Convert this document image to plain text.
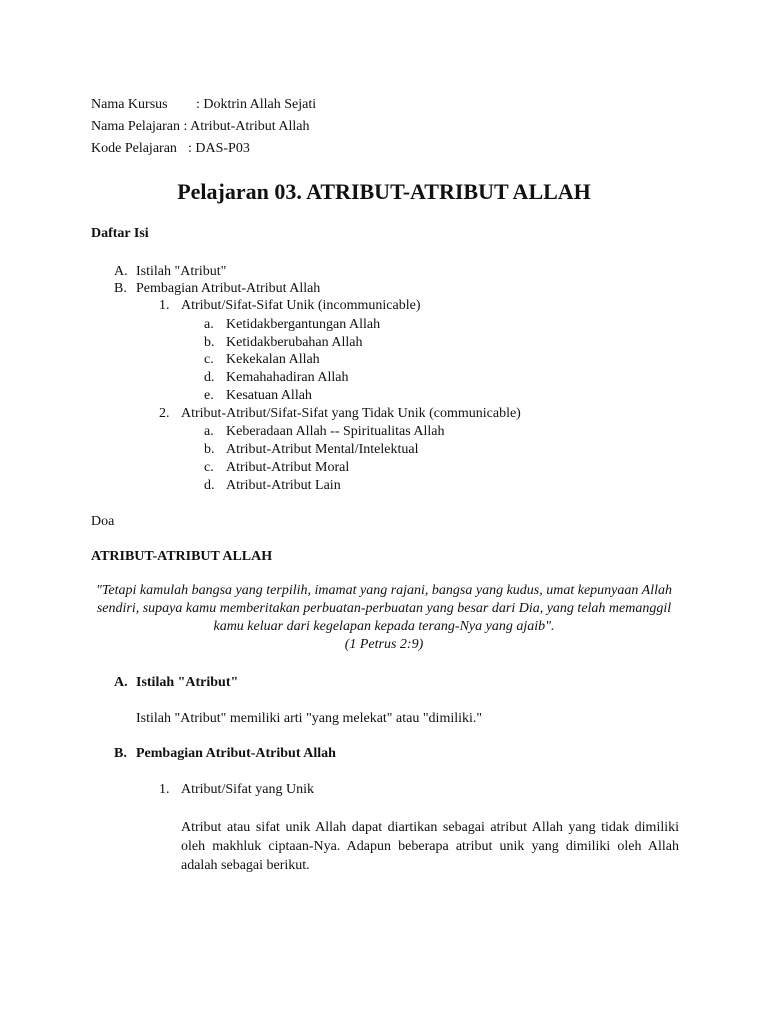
Nama Kursus : Doktrin Allah Sejati
Nama Pelajaran : Atribut-Atribut Allah
Kode Pelajaran : DAS-P03
Pelajaran 03. ATRIBUT-ATRIBUT ALLAH
Daftar Isi
A. Istilah "Atribut"
B. Pembagian Atribut-Atribut Allah
1. Atribut/Sifat-Sifat Unik (incommunicable)
a. Ketidakbergantungan Allah
b. Ketidakberubahan Allah
c. Kekekalan Allah
d. Kemahahadiran Allah
e. Kesatuan Allah
2. Atribut-Atribut/Sifat-Sifat yang Tidak Unik (communicable)
a. Keberadaan Allah -- Spiritualitas Allah
b. Atribut-Atribut Mental/Intelektual
c. Atribut-Atribut Moral
d. Atribut-Atribut Lain
Doa
ATRIBUT-ATRIBUT ALLAH
"Tetapi kamulah bangsa yang terpilih, imamat yang rajani, bangsa yang kudus, umat kepunyaan Allah sendiri, supaya kamu memberitakan perbuatan-perbuatan yang besar dari Dia, yang telah memanggil kamu keluar dari kegelapan kepada terang-Nya yang ajaib".
(1 Petrus 2:9)
A. Istilah "Atribut"
Istilah "Atribut" memiliki arti "yang melekat" atau "dimiliki."
B. Pembagian Atribut-Atribut Allah
1. Atribut/Sifat yang Unik
Atribut atau sifat unik Allah dapat diartikan sebagai atribut Allah yang tidak dimiliki oleh makhluk ciptaan-Nya. Adapun beberapa atribut unik yang dimiliki oleh Allah adalah sebagai berikut.
